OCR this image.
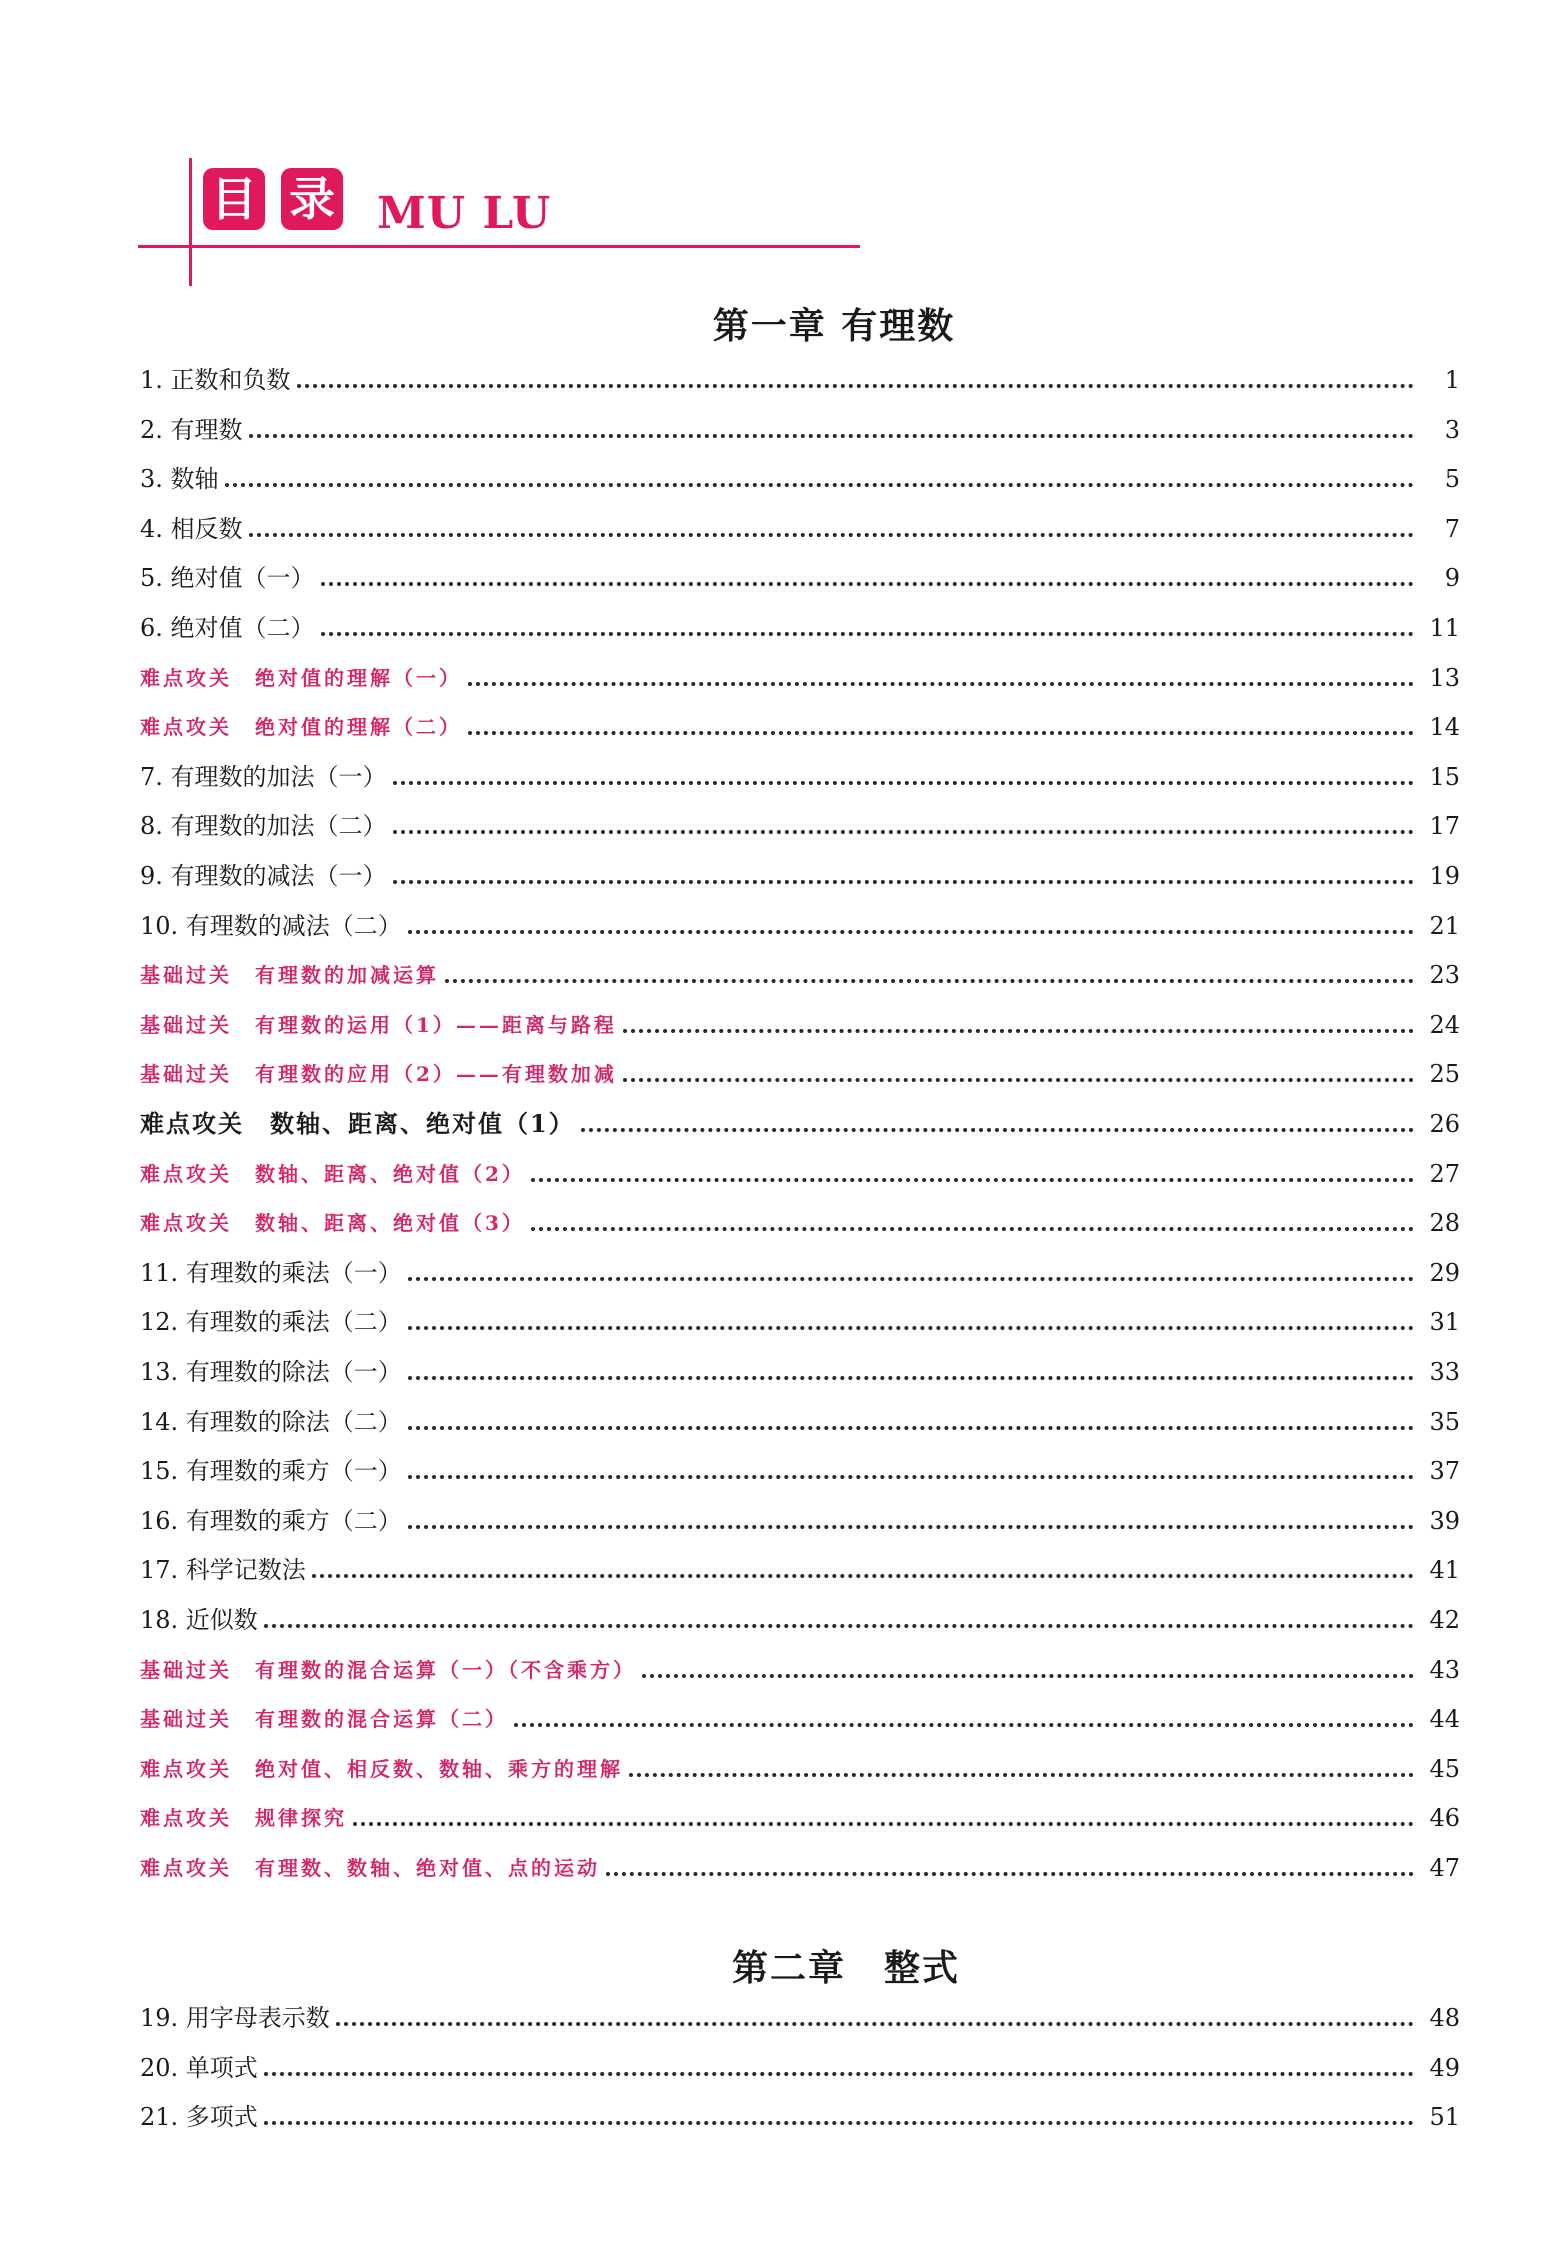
目 录 MU LU
第一章 有理数
第二章　整式
1. 正数和负数	1
2. 有理数	3
3. 数轴	5
4. 相反数	7
5. 绝对值（一）	9
6. 绝对值（二）	11
难点攻关　绝对值的理解（一）	13
难点攻关　绝对值的理解（二）	14
7. 有理数的加法（一）	15
8. 有理数的加法（二）	17
9. 有理数的减法（一）	19
10. 有理数的减法（二）	21
基础过关　有理数的加减运算	23
基础过关　有理数的运用（1）——距离与路程	24
基础过关　有理数的应用（2）——有理数加减	25
难点攻关　数轴、距离、绝对值（1）	26
难点攻关　数轴、距离、绝对值（2）	27
难点攻关　数轴、距离、绝对值（3）	28
11. 有理数的乘法（一）	29
12. 有理数的乘法（二）	31
13. 有理数的除法（一）	33
14. 有理数的除法（二）	35
15. 有理数的乘方（一）	37
16. 有理数的乘方（二）	39
17. 科学记数法	41
18. 近似数	42
基础过关　有理数的混合运算（一）（不含乘方）	43
基础过关　有理数的混合运算（二）	44
难点攻关　绝对值、相反数、数轴、乘方的理解	45
难点攻关　规律探究	46
难点攻关　有理数、数轴、绝对值、点的运动	47
19. 用字母表示数	48
20. 单项式	49
21. 多项式	51
